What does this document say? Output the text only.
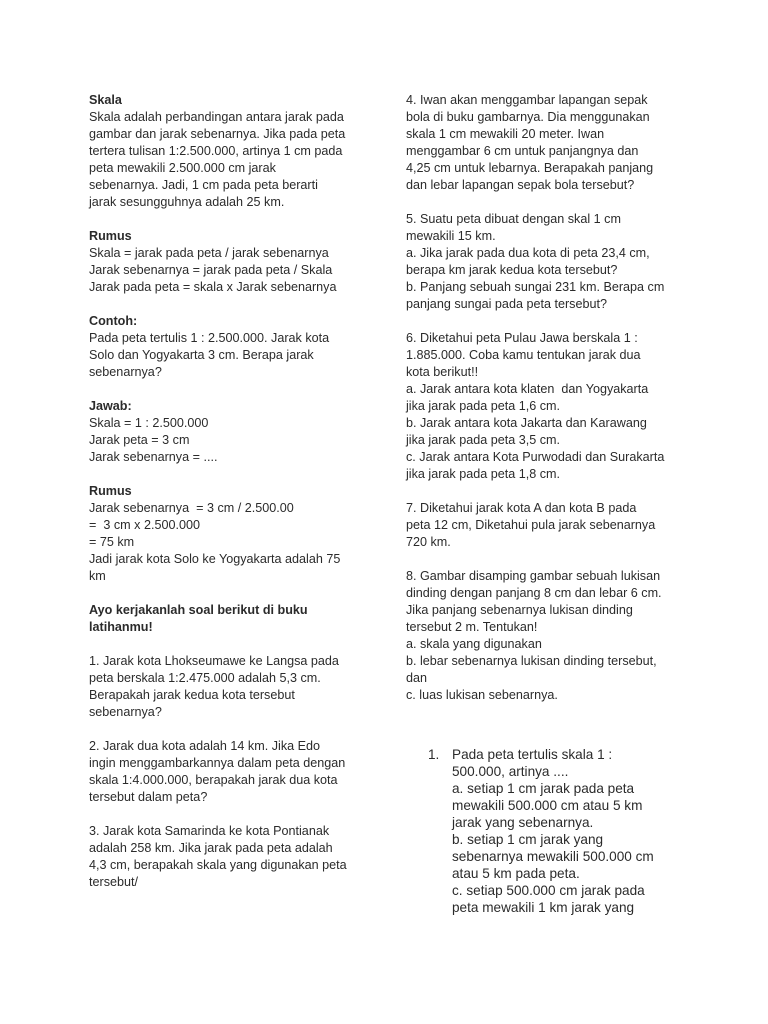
Skala
Skala adalah perbandingan antara jarak pada
gambar dan jarak sebenarnya. Jika pada peta
tertera tulisan 1:2.500.000, artinya 1 cm pada
peta mewakili 2.500.000 cm jarak
sebenarnya. Jadi, 1 cm pada peta berarti
jarak sesungguhnya adalah 25 km.
Rumus
Skala = jarak pada peta / jarak sebenarnya
Jarak sebenarnya = jarak pada peta / Skala
Jarak pada peta = skala x Jarak sebenarnya
Contoh:
Pada peta tertulis 1 : 2.500.000. Jarak kota
Solo dan Yogyakarta 3 cm. Berapa jarak
sebenarnya?
Jawab:
Skala = 1 : 2.500.000
Jarak peta = 3 cm
Jarak sebenarnya = ....
Rumus
Jarak sebenarnya  = 3 cm / 2.500.00
=  3 cm x 2.500.000
= 75 km
Jadi jarak kota Solo ke Yogyakarta adalah 75
km
Ayo kerjakanlah soal berikut di buku
latihanmu!
1. Jarak kota Lhokseumawe ke Langsa pada
peta berskala 1:2.475.000 adalah 5,3 cm.
Berapakah jarak kedua kota tersebut
sebenarnya?
2. Jarak dua kota adalah 14 km. Jika Edo
ingin menggambarkannya dalam peta dengan
skala 1:4.000.000, berapakah jarak dua kota
tersebut dalam peta?
3. Jarak kota Samarinda ke kota Pontianak
adalah 258 km. Jika jarak pada peta adalah
4,3 cm, berapakah skala yang digunakan peta
tersebut/
4. Iwan akan menggambar lapangan sepak
bola di buku gambarnya. Dia menggunakan
skala 1 cm mewakili 20 meter. Iwan
menggambar 6 cm untuk panjangnya dan
4,25 cm untuk lebarnya. Berapakah panjang
dan lebar lapangan sepak bola tersebut?
5. Suatu peta dibuat dengan skal 1 cm
mewakili 15 km.
a. Jika jarak pada dua kota di peta 23,4 cm,
berapa km jarak kedua kota tersebut?
b. Panjang sebuah sungai 231 km. Berapa cm
panjang sungai pada peta tersebut?
6. Diketahui peta Pulau Jawa berskala 1 :
1.885.000. Coba kamu tentukan jarak dua
kota berikut!!
a. Jarak antara kota klaten  dan Yogyakarta
jika jarak pada peta 1,6 cm.
b. Jarak antara kota Jakarta dan Karawang
jika jarak pada peta 3,5 cm.
c. Jarak antara Kota Purwodadi dan Surakarta
jika jarak pada peta 1,8 cm.
7. Diketahui jarak kota A dan kota B pada
peta 12 cm, Diketahui pula jarak sebenarnya
720 km.
8. Gambar disamping gambar sebuah lukisan
dinding dengan panjang 8 cm dan lebar 6 cm.
Jika panjang sebenarnya lukisan dinding
tersebut 2 m. Tentukan!
a. skala yang digunakan
b. lebar sebenarnya lukisan dinding tersebut,
dan
c. luas lukisan sebenarnya.
1. Pada peta tertulis skala 1 :
500.000, artinya ....
a. setiap 1 cm jarak pada peta
mewakili 500.000 cm atau 5 km
jarak yang sebenarnya.
b. setiap 1 cm jarak yang
sebenarnya mewakili 500.000 cm
atau 5 km pada peta.
c. setiap 500.000 cm jarak pada
peta mewakili 1 km jarak yang
